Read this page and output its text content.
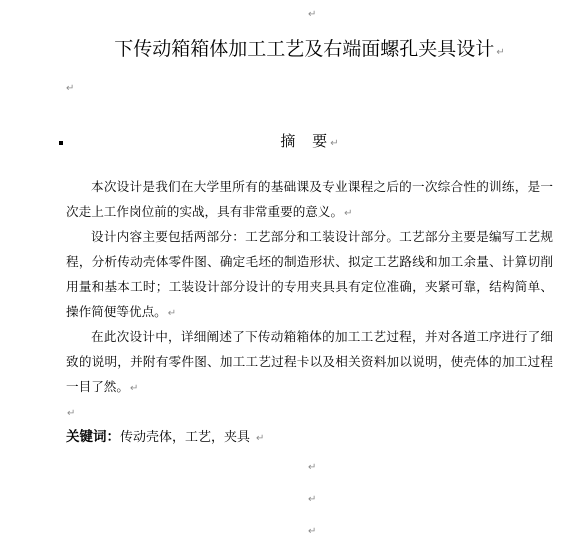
↵
下传动箱箱体加工工艺及右端面螺孔夹具设计↵
↵
摘 要↵
本次设计是我们在大学里所有的基础课及专业课程之后的一次综合性的训练，是一
次走上工作岗位前的实战，具有非常重要的意义。↵
设计内容主要包括两部分：工艺部分和工装设计部分。工艺部分主要是编写工艺规
程，分析传动壳体零件图、确定毛坯的制造形状、拟定工艺路线和加工余量、计算切削
用量和基本工时；工装设计部分设计的专用夹具具有定位准确，夹紧可靠，结构简单、
操作简便等优点。↵
在此次设计中，详细阐述了下传动箱箱体的加工工艺过程，并对各道工序进行了细
致的说明，并附有零件图、加工工艺过程卡以及相关资料加以说明，使壳体的加工过程
一目了然。↵
↵
关键词：传动壳体，工艺，夹具↵
↵
↵
↵
